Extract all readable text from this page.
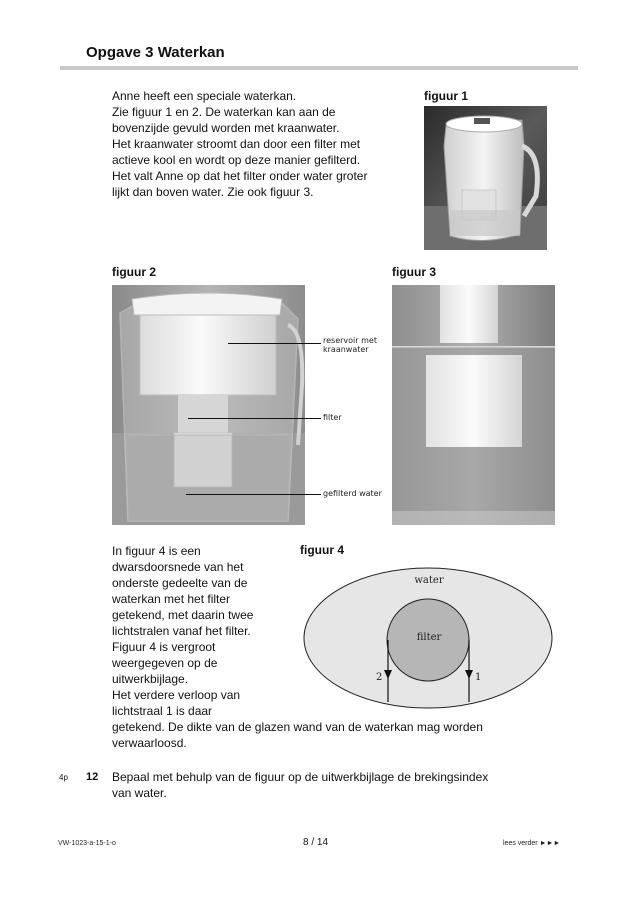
Opgave 3 Waterkan
Anne heeft een speciale waterkan.
Zie figuur 1 en 2. De waterkan kan aan de
bovenzijde gevuld worden met kraanwater.
Het kraanwater stroomt dan door een filter met
actieve kool en wordt op deze manier gefilterd.
Het valt Anne op dat het filter onder water groter
lijkt dan boven water. Zie ook figuur 3.
figuur 1
figuur 2
reservoir met
kraanwater
filter
gefilterd water
figuur 3
In figuur 4 is een
dwarsdoorsnede van het
onderste gedeelte van de
waterkan met het filter
getekend, met daarin twee
lichtstralen vanaf het filter.
Figuur 4 is vergroot
weergegeven op de
uitwerkbijlage.
Het verdere verloop van
lichtstraal 1 is daar
getekend. De dikte van de glazen wand van de waterkan mag worden
verwaarloosd.
figuur 4
water
filter
2	1
4p 12 Bepaal met behulp van de figuur op de uitwerkbijlage de brekingsindex
van water.
VW-1023-a-15-1-o	8 / 14	lees verder ►►►
